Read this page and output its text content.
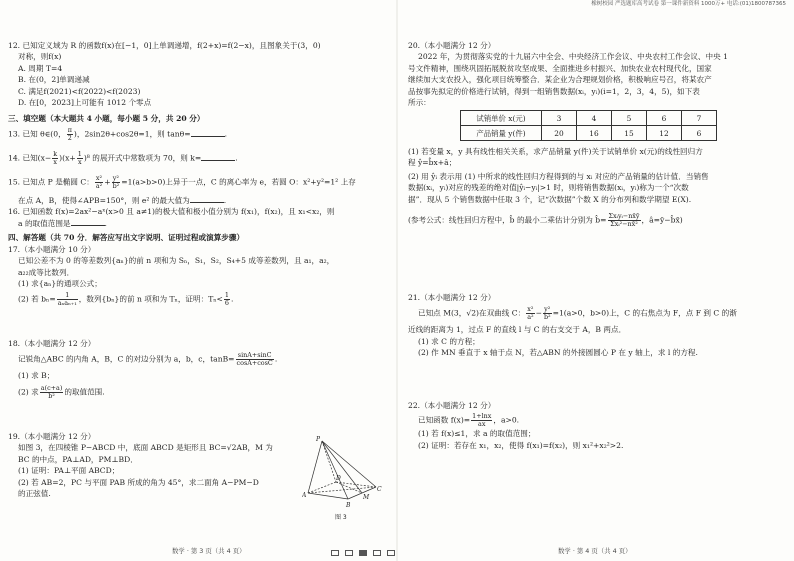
12. 已知定义域为 R 的函数f(x)在[−1，0]上单调递增，f(2+x)=f(2−x)，且图象关于(3，0)
对称，则f(x)
A. 周期 T=4
B. 在(0，2]单调递减
C. 满足f(2021)<f(2022)<f(2023)
D. 在[0，2023]上可能有 1012 个零点
三、填空题（本大题共 4 小题，每小题 5 分，共 20 分）
13. 已知 θ∈(0， $\frac{\pi}{2}$ )，2sin2θ+cos2θ=1，则 tanθ=	.
14. 已知$(x- \frac{k}{x} )(x+ \frac{1}{x} )^8$ 的展开式中常数项为 70，则 k=	.
15. 已知点 P 是椭圆 C： $\frac{\text{x²}}{\text{a²}} + \frac{\text{y²}}{\text{b²}} =1(a>b>0)$上异于一点，C 的离心率为 e，若圆 O：x²+y²=1² 上存
在点 A，B，使得∠APB=150°，则 e² 的最大值为	.
16. 已知函数 f(x)=2ax²−aˣ(x>0 且 a≠1)的极大值和极小值分别为 f(x₁)，f(x₂)，且 x₁<x₂，则
a 的取值范围是	.
四、解答题（共 70 分．解答应写出文字说明、证明过程或演算步骤）
17.（本小题满分 10 分）
已知公差不为 0 的等差数列{aₙ}的前 n 项和为 Sₙ，S₁，S₂，S₄+5 成等差数列，且 a₁，a₂，
a₂₂成等比数列．
(1) 求{aₙ}的通项公式；
(2) 若 $b_n= \frac{1}{\text{aₙaₙ₊₁}}$ ，数列{bₙ}的前 n 项和为 Tₙ，证明：$T_n< \frac{1}{6}$ .
18.（本小题满分 12 分）
记锐角△ABC 的内角 A，B，C 的对边分别为 a，b，c，$\tan B= \frac{\sin A+\sin C}{\cos A+\cos C}$ .
(1) 求 B；
(2) 求 $\frac{a(c+a)}{\text{b²}}$ 的取值范围.
19.（本小题满分 12 分）
如图 3，在四棱锥 P−ABCD 中，底面 ABCD 是矩形且 BC=√2AB，M 为
BC 的中点，PA⊥AD，PM⊥BD．
(1) 证明：PA⊥平面 ABCD；
(2) 若 AB=2，PC 与平面 PAB 所成的角为 45°，求二面角 A−PM−D
的正弦值.
P
A
B
C
D
M
图 3
数学 · 第 3 页（共 4 页）
橡树校园 严选题库高考试卷 第一课件新资料 1000万+ 电话:(01)1800787365
20.（本小题满分 12 分）
2022 年，为贯彻落实党的十九届六中全会、中央经济工作会议、中央农村工作会议、中央 1
号文件精神，围绕巩固拓展脱贫攻坚成果、全面推进乡村振兴、加快农业农村现代化，国家
继续加大支农投入，强化项目统筹整合．某企业为合理规划价格，积极响应号召，将某农产
品按事先拟定的价格进行试销，得到一组销售数据(xᵢ，yᵢ)(i=1，2，3，4，5)，如下表
所示：
试销单价 x(元)	3	4	5	6	7
产品销量 y(件)	20	16	15	12	6
(1) 若变量 x，y 具有线性相关关系，求产品销量 y(件)关于试销单价 x(元)的线性回归方
程 ŷ=b̂x+â；
(2) 用 ŷᵢ 表示用 (1) 中所求的线性回归方程得到的与 xᵢ 对应的产品销量的估计值．当销售
数据(xᵢ，yᵢ)对应的残差的绝对值|ŷᵢ−yᵢ|>1 时，则将销售数据(xᵢ，yᵢ)称为一个“次数
据”．现从 5 个销售数据中任取 3 个，记“次数据”个数 X 的分布列和数学期望 E(X).
(参考公式：线性回归方程中，b̂ 的最小二乘估计分别为 b̂= $\frac{\text{Σxᵢyᵢ−nx̄ȳ}}{\text{Σxᵢ²−nx̄²}}$ ，â=ȳ−b̂x̄)
21.（本小题满分 12 分）
已知点 M(3，√2)在双曲线 C： $\frac{\text{x²}}{\text{a²}} - \frac{\text{y²}}{\text{b²}} =1(a>0$，b>0)上，C 的右焦点为 F，点 F 到 C 的渐
近线的距离为 1，过点 F 的直线 l 与 C 的右支交于 A，B 两点．
(1) 求 C 的方程；
(2) 作 MN 垂直于 x 轴于点 N，若△ABN 的外接圆圆心 P 在 y 轴上，求 l 的方程.
22.（本小题满分 12 分）
已知函数 $f(x)= \frac{1+\ln x}{ax}$ ，a>0.
(1) 若 f(x)≤1，求 a 的取值范围；
(2) 证明：若存在 x₁，x₂，使得 f(x₁)=f(x₂)，则 x₁²+x₂²>2.
数学 · 第 4 页（共 4 页）
